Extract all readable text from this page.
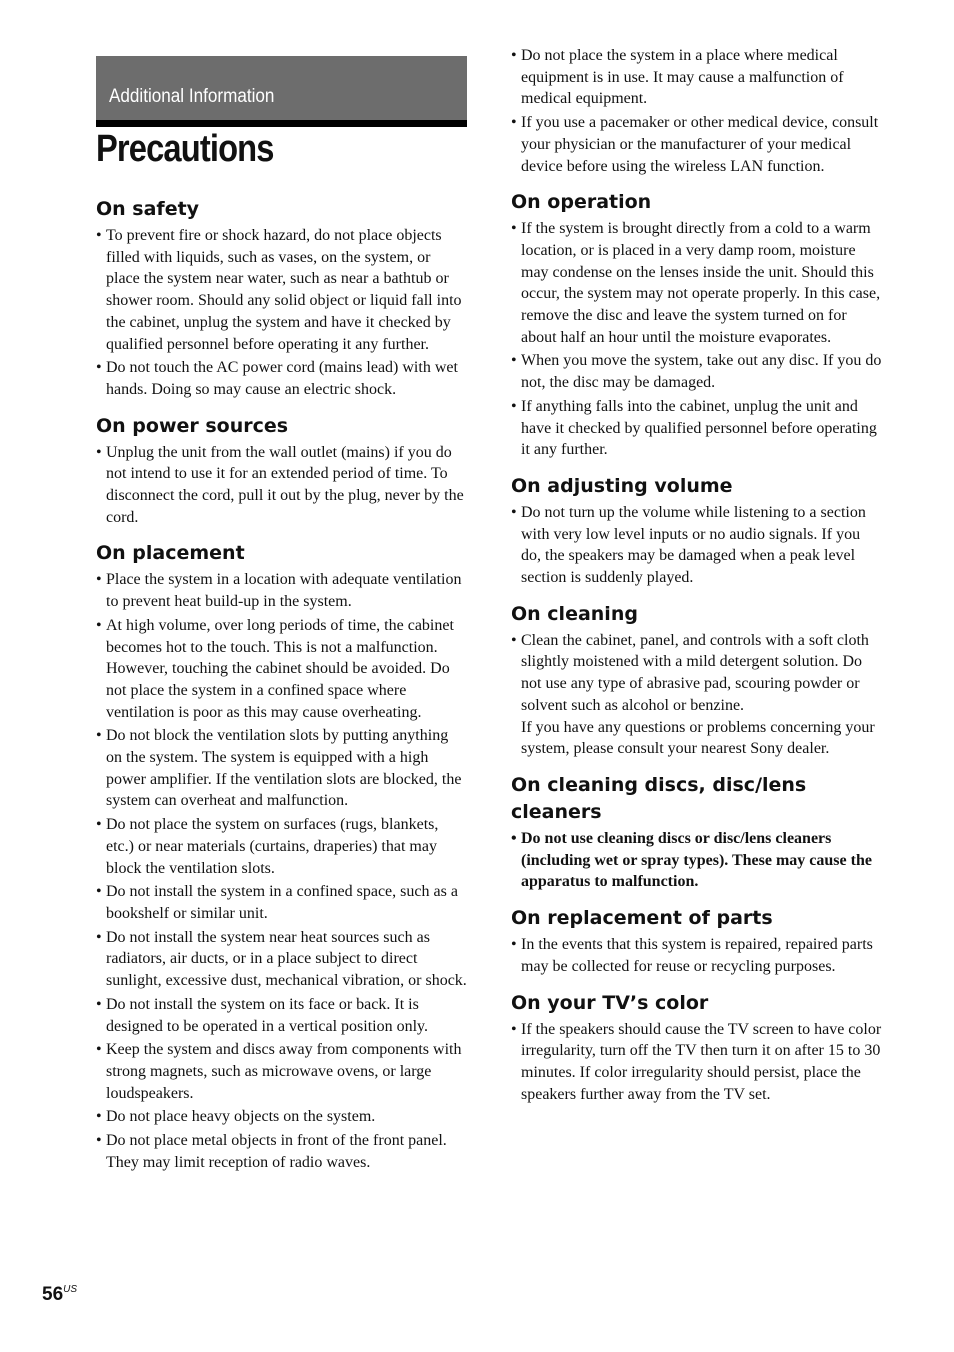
Additional Information
Precautions
On safety
• To prevent fire or shock hazard, do not place objects filled with liquids, such as vases, on the system, or place the system near water, such as near a bathtub or shower room. Should any solid object or liquid fall into the cabinet, unplug the system and have it checked by qualified personnel before operating it any further.
• Do not touch the AC power cord (mains lead) with wet hands. Doing so may cause an electric shock.
On power sources
• Unplug the unit from the wall outlet (mains) if you do not intend to use it for an extended period of time. To disconnect the cord, pull it out by the plug, never by the cord.
On placement
• Place the system in a location with adequate ventilation to prevent heat build-up in the system.
• At high volume, over long periods of time, the cabinet becomes hot to the touch. This is not a malfunction. However, touching the cabinet should be avoided. Do not place the system in a confined space where ventilation is poor as this may cause overheating.
• Do not block the ventilation slots by putting anything on the system. The system is equipped with a high power amplifier. If the ventilation slots are blocked, the system can overheat and malfunction.
• Do not place the system on surfaces (rugs, blankets, etc.) or near materials (curtains, draperies) that may block the ventilation slots.
• Do not install the system in a confined space, such as a bookshelf or similar unit.
• Do not install the system near heat sources such as radiators, air ducts, or in a place subject to direct sunlight, excessive dust, mechanical vibration, or shock.
• Do not install the system on its face or back. It is designed to be operated in a vertical position only.
• Keep the system and discs away from components with strong magnets, such as microwave ovens, or large loudspeakers.
• Do not place heavy objects on the system.
• Do not place metal objects in front of the front panel. They may limit reception of radio waves.
• Do not place the system in a place where medical equipment is in use. It may cause a malfunction of medical equipment.
• If you use a pacemaker or other medical device, consult your physician or the manufacturer of your medical device before using the wireless LAN function.
On operation
• If the system is brought directly from a cold to a warm location, or is placed in a very damp room, moisture may condense on the lenses inside the unit. Should this occur, the system may not operate properly. In this case, remove the disc and leave the system turned on for about half an hour until the moisture evaporates.
• When you move the system, take out any disc. If you do not, the disc may be damaged.
• If anything falls into the cabinet, unplug the unit and have it checked by qualified personnel before operating it any further.
On adjusting volume
• Do not turn up the volume while listening to a section with very low level inputs or no audio signals. If you do, the speakers may be damaged when a peak level section is suddenly played.
On cleaning
• Clean the cabinet, panel, and controls with a soft cloth slightly moistened with a mild detergent solution. Do not use any type of abrasive pad, scouring powder or solvent such as alcohol or benzine.
If you have any questions or problems concerning your system, please consult your nearest Sony dealer.
On cleaning discs, disc/lens cleaners
• Do not use cleaning discs or disc/lens cleaners (including wet or spray types). These may cause the apparatus to malfunction.
On replacement of parts
• In the events that this system is repaired, repaired parts may be collected for reuse or recycling purposes.
On your TV’s color
• If the speakers should cause the TV screen to have color irregularity, turn off the TV then turn it on after 15 to 30 minutes. If color irregularity should persist, place the speakers further away from the TV set.
$56^{US}$
